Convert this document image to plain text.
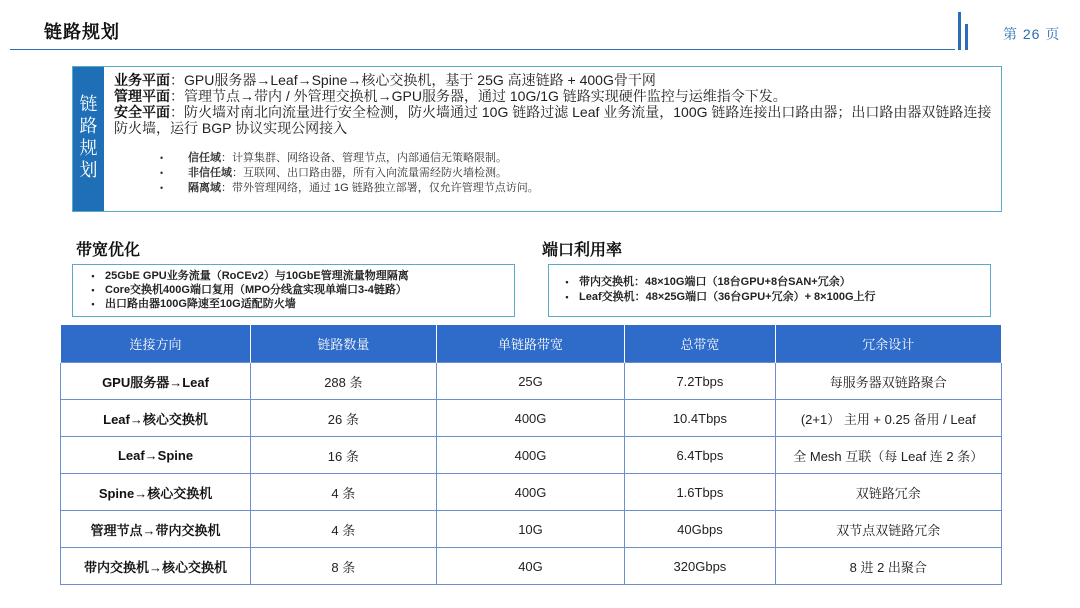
链路规划	第 26 页
链
路
规
划

业务平面：GPU服务器→Leaf→Spine→核心交换机，基于 25G 高速链路 + 400G骨干网

管理平面：管理节点→带内 / 外管理交换机→GPU服务器，通过 10G/1G 链路实现硬件监控与运维指令下发。

安全平面：防火墙对南北向流量进行安全检测，防火墙通过 10G 链路过滤 Leaf 业务流量，100G 链路连接出口路由器；出口路由器双链路连接防火墙，运行 BGP 协议实现公网接入

• 信任域：计算集群、网络设备、管理节点，内部通信无策略限制。
• 非信任域：互联网、出口路由器，所有入向流量需经防火墙检测。
• 隔离域：带外管理网络，通过 1G 链路独立部署，仅允许管理节点访问。
带宽优化	端口利用率
• 25GbE GPU业务流量（RoCEv2）与10GbE管理流量物理隔离
• Core交换机400G端口复用（MPO分线盒实现单端口3-4链路）
• 出口路由器100G降速至10G适配防火墙
• 带内交换机：48×10G端口（18台GPU+8台SAN+冗余）
• Leaf交换机：48×25G端口（36台GPU+冗余）+ 8×100G上行
连接方向	链路数量	单链路带宽	总带宽	冗余设计
GPU服务器→Leaf	288 条	25G	7.2Tbps	每服务器双链路聚合
Leaf→核心交换机	26 条	400G	10.4Tbps	(2+1） 主用 + 0.25 备用 / Leaf
Leaf→Spine	16 条	400G	6.4Tbps	全 Mesh 互联（每 Leaf 连 2 条）
Spine→核心交换机	4 条	400G	1.6Tbps	双链路冗余
管理节点→带内交换机	4 条	10G	40Gbps	双节点双链路冗余
带内交换机→核心交换机	8 条	40G	320Gbps	8 进 2 出聚合
